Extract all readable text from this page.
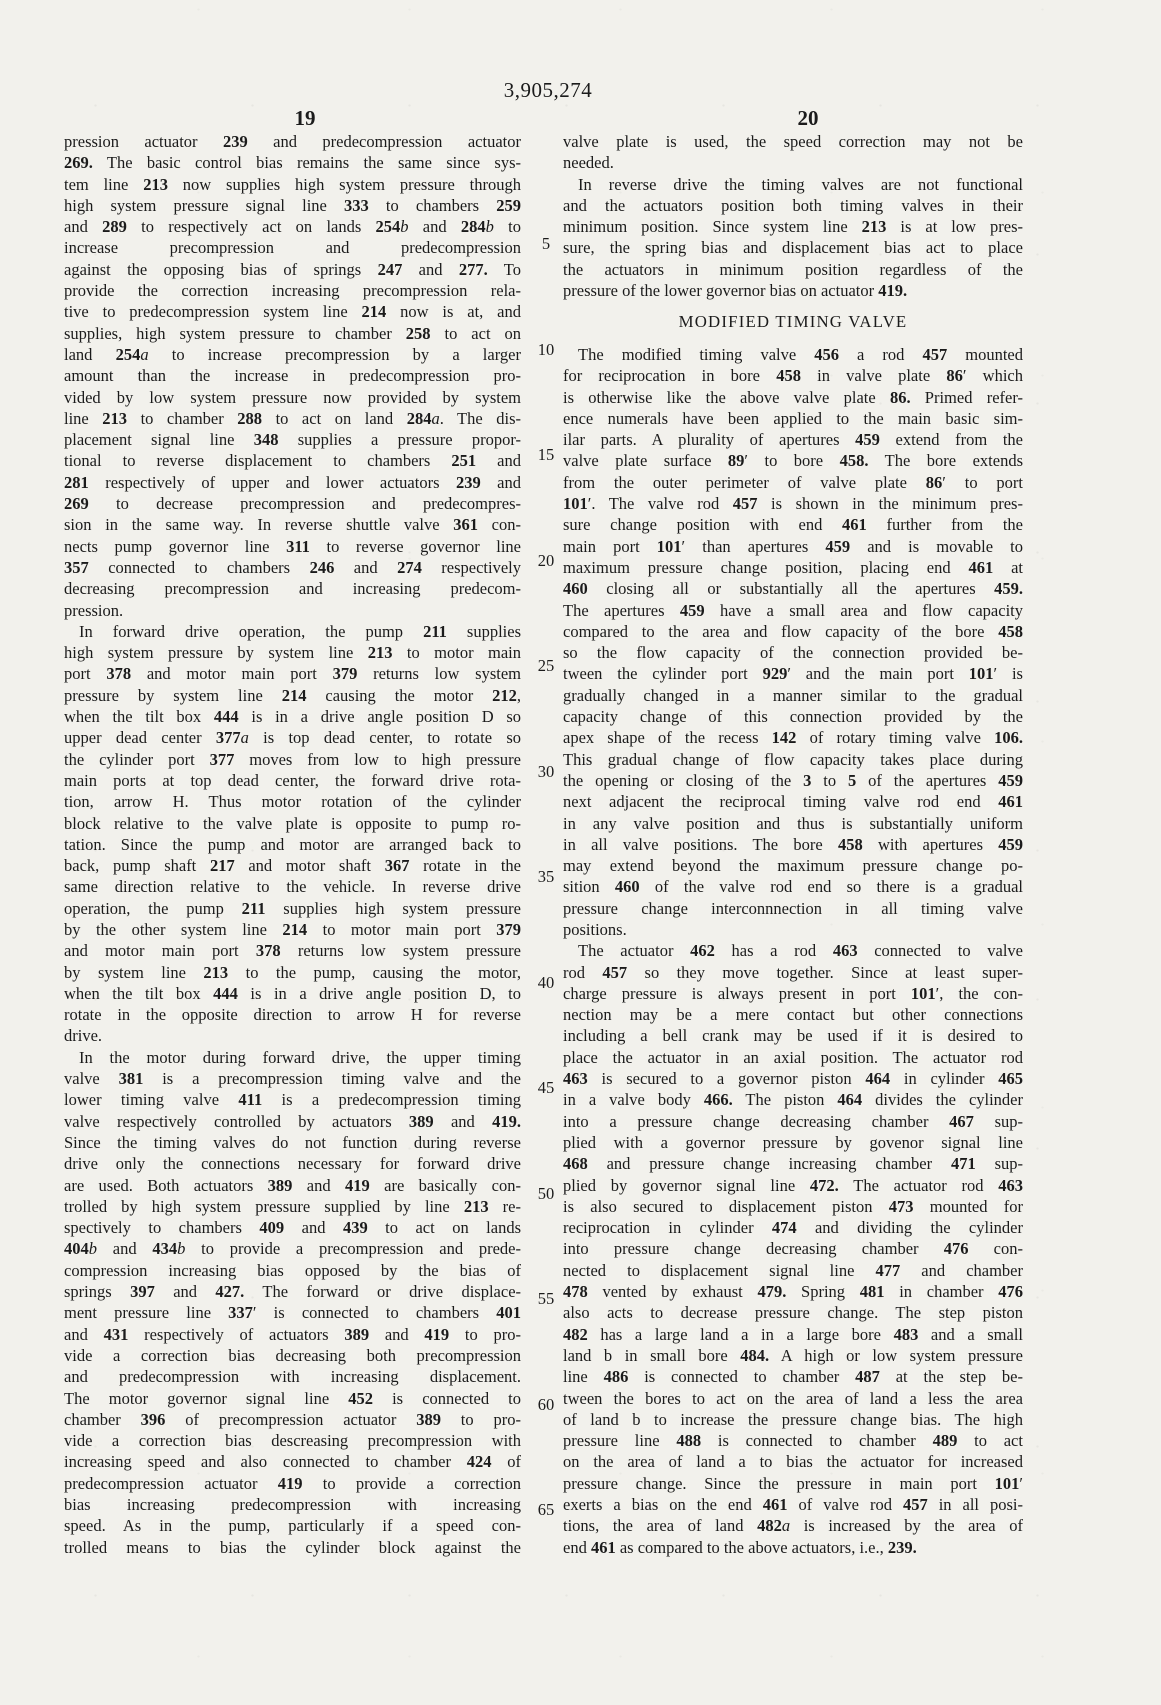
3,905,274
19	20
pression actuator 239 and predecompression actuator
269. The basic control bias remains the same since sys-
tem line 213 now supplies high system pressure through
high system pressure signal line 333 to chambers 259
and 289 to respectively act on lands 254b and 284b to
increase precompression and predecompression
against the opposing bias of springs 247 and 277. To
provide the correction increasing precompression rela-
tive to predecompression system line 214 now is at, and
supplies, high system pressure to chamber 258 to act on
land 254a to increase precompression by a larger
amount than the increase in predecompression pro-
vided by low system pressure now provided by system
line 213 to chamber 288 to act on land 284a. The dis-
placement signal line 348 supplies a pressure propor-
tional to reverse displacement to chambers 251 and
281 respectively of upper and lower actuators 239 and
269 to decrease precompression and predecompres-
sion in the same way. In reverse shuttle valve 361 con-
nects pump governor line 311 to reverse governor line
357 connected to chambers 246 and 274 respectively
decreasing precompression and increasing predecom-
pression.
In forward drive operation, the pump 211 supplies
high system pressure by system line 213 to motor main
port 378 and motor main port 379 returns low system
pressure by system line 214 causing the motor 212,
when the tilt box 444 is in a drive angle position D so
upper dead center 377a is top dead center, to rotate so
the cylinder port 377 moves from low to high pressure
main ports at top dead center, the forward drive rota-
tion, arrow H. Thus motor rotation of the cylinder
block relative to the valve plate is opposite to pump ro-
tation. Since the pump and motor are arranged back to
back, pump shaft 217 and motor shaft 367 rotate in the
same direction relative to the vehicle. In reverse drive
operation, the pump 211 supplies high system pressure
by the other system line 214 to motor main port 379
and motor main port 378 returns low system pressure
by system line 213 to the pump, causing the motor,
when the tilt box 444 is in a drive angle position D, to
rotate in the opposite direction to arrow H for reverse
drive.
In the motor during forward drive, the upper timing
valve 381 is a precompression timing valve and the
lower timing valve 411 is a predecompression timing
valve respectively controlled by actuators 389 and 419.
Since the timing valves do not function during reverse
drive only the connections necessary for forward drive
are used. Both actuators 389 and 419 are basically con-
trolled by high system pressure supplied by line 213 re-
spectively to chambers 409 and 439 to act on lands
404b and 434b to provide a precompression and prede-
compression increasing bias opposed by the bias of
springs 397 and 427. The forward or drive displace-
ment pressure line 337′ is connected to chambers 401
and 431 respectively of actuators 389 and 419 to pro-
vide a correction bias decreasing both precompression
and predecompression with increasing displacement.
The motor governor signal line 452 is connected to
chamber 396 of precompression actuator 389 to pro-
vide a correction bias descreasing precompression with
increasing speed and also connected to chamber 424 of
predecompression actuator 419 to provide a correction
bias increasing predecompression with increasing
speed. As in the pump, particularly if a speed con-
trolled means to bias the cylinder block against the
valve plate is used, the speed correction may not be
needed.
In reverse drive the timing valves are not functional
and the actuators position both timing valves in their
minimum position. Since system line 213 is at low pres-
sure, the spring bias and displacement bias act to place
the actuators in minimum position regardless of the
pressure of the lower governor bias on actuator 419.
MODIFIED TIMING VALVE
The modified timing valve 456 a rod 457 mounted
for reciprocation in bore 458 in valve plate 86′ which
is otherwise like the above valve plate 86. Primed refer-
ence numerals have been applied to the main basic sim-
ilar parts. A plurality of apertures 459 extend from the
valve plate surface 89′ to bore 458. The bore extends
from the outer perimeter of valve plate 86′ to port
101′. The valve rod 457 is shown in the minimum pres-
sure change position with end 461 further from the
main port 101′ than apertures 459 and is movable to
maximum pressure change position, placing end 461 at
460 closing all or substantially all the apertures 459.
The apertures 459 have a small area and flow capacity
compared to the area and flow capacity of the bore 458
so the flow capacity of the connection provided be-
tween the cylinder port 929′ and the main port 101′ is
gradually changed in a manner similar to the gradual
capacity change of this connection provided by the
apex shape of the recess 142 of rotary timing valve 106.
This gradual change of flow capacity takes place during
the opening or closing of the 3 to 5 of the apertures 459
next adjacent the reciprocal timing valve rod end 461
in any valve position and thus is substantially uniform
in all valve positions. The bore 458 with apertures 459
may extend beyond the maximum pressure change po-
sition 460 of the valve rod end so there is a gradual
pressure change interconnnection in all timing valve
positions.
The actuator 462 has a rod 463 connected to valve
rod 457 so they move together. Since at least super-
charge pressure is always present in port 101′, the con-
nection may be a mere contact but other connections
including a bell crank may be used if it is desired to
place the actuator in an axial position. The actuator rod
463 is secured to a governor piston 464 in cylinder 465
in a valve body 466. The piston 464 divides the cylinder
into a pressure change decreasing chamber 467 sup-
plied with a governor pressure by govenor signal line
468 and pressure change increasing chamber 471 sup-
plied by governor signal line 472. The actuator rod 463
is also secured to displacement piston 473 mounted for
reciprocation in cylinder 474 and dividing the cylinder
into pressure change decreasing chamber 476 con-
nected to displacement signal line 477 and chamber
478 vented by exhaust 479. Spring 481 in chamber 476
also acts to decrease pressure change. The step piston
482 has a large land a in a large bore 483 and a small
land b in small bore 484. A high or low system pressure
line 486 is connected to chamber 487 at the step be-
tween the bores to act on the area of land a less the area
of land b to increase the pressure change bias. The high
pressure line 488 is connected to chamber 489 to act
on the area of land a to bias the actuator for increased
pressure change. Since the pressure in main port 101′
exerts a bias on the end 461 of valve rod 457 in all posi-
tions, the area of land 482a is increased by the area of
end 461 as compared to the above actuators, i.e., 239.
5
10
15
20
25
30
35
40
45
50
55
60
65
